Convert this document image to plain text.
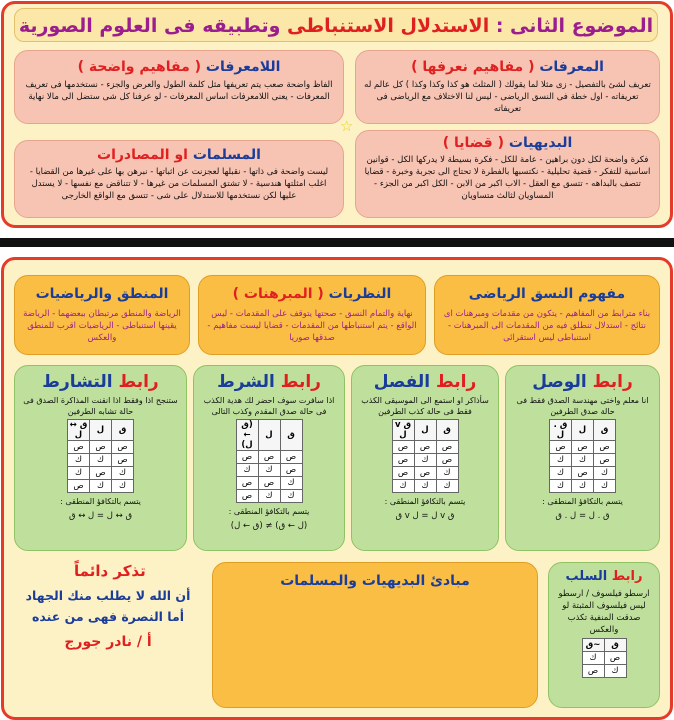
الموضوع الثانى : الاستدلال الاستنباطى وتطبيقه فى العلوم الصورية
المعرفات ( مفاهيم نعرفها )
تعريف لشئ بالتفصيل - زى مثلا لما يقولك ( المثلث هو كذا وكذا وكذا ) كل عالم له تعريفاته - اول خطة فى النسق الرياضى - ليس لنا الاختلاف مع الرياضى فى تعريفاته
اللامعرفات ( مفاهيم واضحة )
الفاظ واضحة صعب يتم تعريفها مثل كلمة الطول والعرض والجزء - نستخدمها فى تعريف المعرفات - يعنى اللامعرفات اساس المعرفات - لو عرفنا كل شى ستضل الى مالا نهاية
☆
البديهيات ( قضايا )
فكرة واضحة لكل دون براهين - عامة للكل - فكرة بسيطة لا يدركها الكل - قوانين اساسية للتفكر - قضية تحليلية - نكتسبها بالفطرة لا تحتاج الى تجربة وخبرة - قضايا تتصف بالبداهه - تتسق مع العقل - الاب اكبر من الابن - الكل اكبر من الجزء - المساويان لثالث متساويان
المسلمات او المصادرات
ليست واضحة فى ذاتها - نقبلها لعجزنت عن اثباتها - نبرهن بها على غيرها من القضايا - اغلب امثلتها هندسية - لا تشتق المسلمات من غيرها - لا تتناقض مع نفسها - لا يستدل عليها لكن نستخدمها للاستدلال على شى - تتسق مع الواقع الخارجى
مفهوم النسق الرياضى
بناء مترابط من المفاهيم - يتكون من مقدمات ومبرهنات اى نتائج - استدلال تنطلق فيه من المقدمات الى المبرهنات - استنباطى ليس استقرائى
النظريات ( المبرهنات )
نهاية والتمام النسق - صحتها يتوقف على المقدمات - ليس الواقع - يتم استنباطها من المقدمات - قضايا ليست مفاهيم - صدقها صوريا
المنطق والرياضيات
الرياضة والمنطق مرتبطان ببعضهما - الرياضة يقينها استنباطى - الرياضيات اقرب للمنطق والعكس
رابط الوصل
انا معلم واختى مهندسة الصدق فقط فى حالة صدق الطرفين
ق	ل	ق . ل
ص	ص	ص
ص	ك	ك
ك	ص	ك
ك	ك	ك
يتسم بالتكافؤ المنطقى :
ق . ل = ل . ق
رابط الفصل
سأذاكر او استمع الى الموسيقى الكذب فقط فى حالة كذب الطرفين
ق	ل	ق v ل
ص	ص	ص
ص	ك	ص
ك	ص	ص
ك	ك	ك
يتسم بالتكافؤ المنطقى :
ق v ل = ل v ق
رابط الشرط
اذا سافرت سوف احضر لك هدية الكذب فى حالة صدق المقدم وكذب التالى
ق	ل	(ق ← ل)
ص	ص	ص
ص	ك	ك
ك	ص	ص
ك	ك	ص
يتسم بالتكافؤ المنطقى :
(ق ← ل) ≠ (ل ← ق)
رابط التشارط
ستنجح اذا وفقط اذا انقنت المذاكرة الصدق فى حالة تشابه الطرفين
ق	ل	ق ↔ ل
ص	ص	ص
ص	ك	ك
ك	ص	ك
ك	ك	ص
يتسم بالتكافؤ المنطقى :
ق ↔ ل = ل ↔ ق
رابط السلب
ارسطو فيلسوف / ارسطو ليس فيلسوف المثبتة لو صدقت المنفية تكذب والعكس
ق	~ق
ص	ك
ك	ص
مبادئ البديهيات والمسلمات
تذكر دائماً
أن الله لا يطلب منك الجهاد
أما النصرة فهى من عنده
أ / نادر جورج
